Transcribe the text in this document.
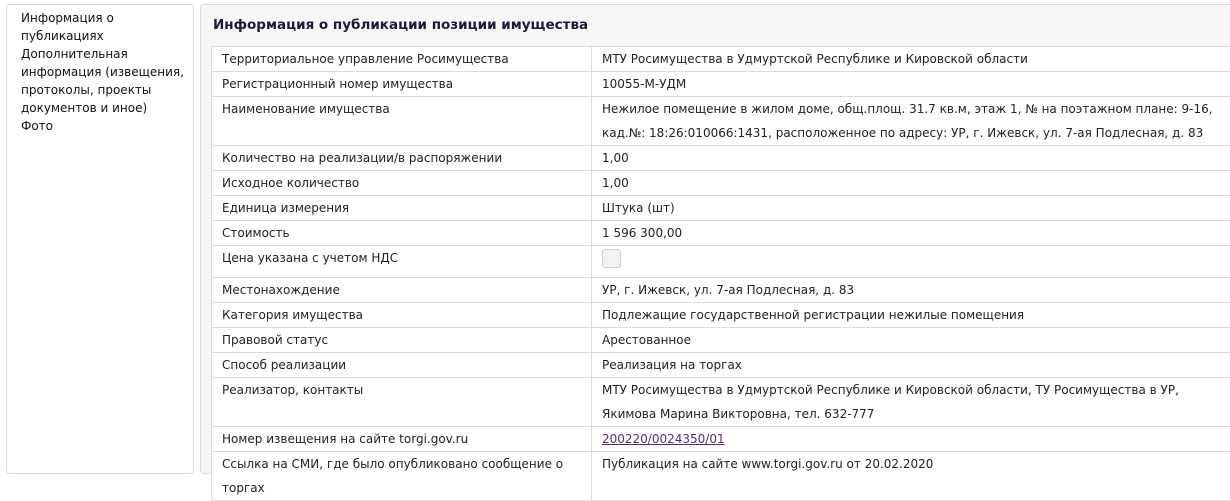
Информация о публикациях
Дополнительная информация (извещения, протоколы, проекты документов и иное)
Фото
Информация о публикации позиции имущества
Территориальное управление Росимущества	МТУ Росимущества в Удмуртской Республике и Кировской области
Регистрационный номер имущества	10055-М-УДМ
Наименование имущества	Нежилое помещение в жилом доме, общ.площ. 31.7 кв.м, этаж 1, № на поэтажном плане: 9-16, кад.№: 18:26:010066:1431, расположенное по адресу: УР, г. Ижевск, ул. 7-ая Подлесная, д. 83
Количество на реализации/в распоряжении	1,00
Исходное количество	1,00
Единица измерения	Штука (шт)
Стоимость	1 596 300,00
Цена указана с учетом НДС	
Местонахождение	УР, г. Ижевск, ул. 7-ая Подлесная, д. 83
Категория имущества	Подлежащие государственной регистрации нежилые помещения
Правовой статус	Арестованное
Способ реализации	Реализация на торгах
Реализатор, контакты	МТУ Росимущества в Удмуртской Республике и Кировской области, ТУ Росимущества в УР, Якимова Марина Викторовна, тел. 632-777
Номер извещения на сайте torgi.gov.ru	200220/0024350/01
Ссылка на СМИ, где было опубликовано сообщение о торгах	Публикация на сайте www.torgi.gov.ru от 20.02.2020
